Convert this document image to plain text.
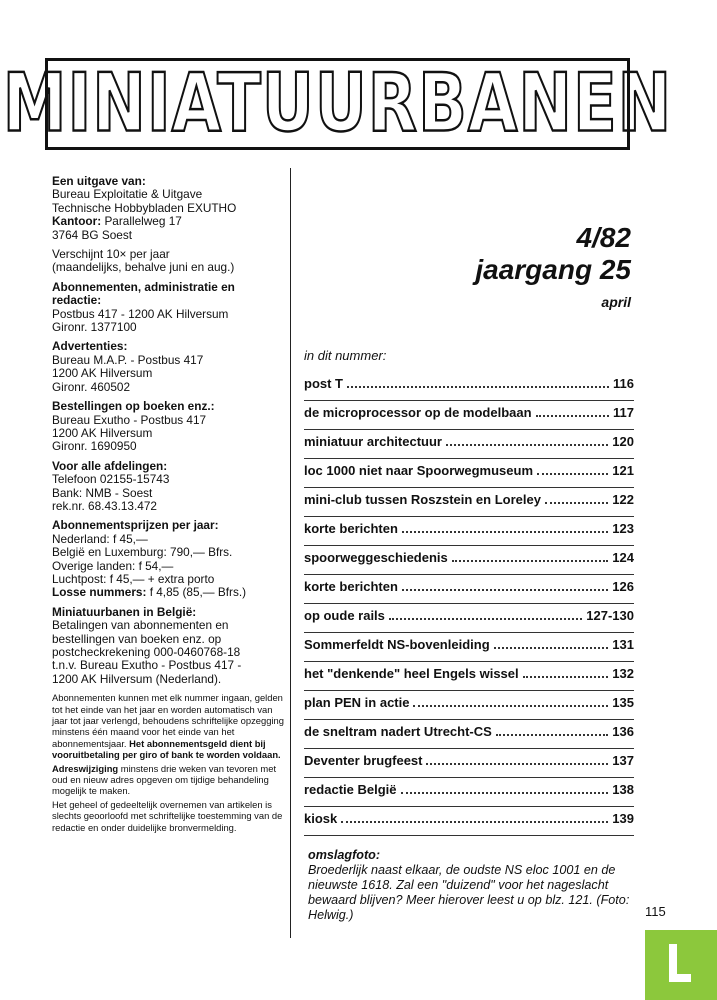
MINIATUURBANEN

Een uitgave van:
Bureau Exploitatie & Uitgave
Technische Hobbybladen EXUTHO
Kantoor: Parallelweg 17
3764 BG Soest

Verschijnt 10× per jaar
(maandelijks, behalve juni en aug.)

Abonnementen, administratie en redactie:
Postbus 417 - 1200 AK Hilversum
Gironr. 1377100

Advertenties:
Bureau M.A.P. - Postbus 417
1200 AK Hilversum
Gironr. 460502

Bestellingen op boeken enz.:
Bureau Exutho - Postbus 417
1200 AK Hilversum
Gironr. 1690950

Voor alle afdelingen:
Telefoon 02155-15743
Bank: NMB - Soest
rek.nr. 68.43.13.472

Abonnementsprijzen per jaar:
Nederland: f 45,—
België en Luxemburg: 790,— Bfrs.
Overige landen: f 54,—
Luchtpost: f 45,— + extra porto
Losse nummers: f 4,85 (85,— Bfrs.)

Miniatuurbanen in België:
Betalingen van abonnementen en
bestellingen van boeken enz. op
postcheckrekening 000-0460768-18
t.n.v. Bureau Exutho - Postbus 417 -
1200 AK Hilversum (Nederland).

Abonnementen kunnen met elk nummer ingaan, gelden tot het einde van het jaar en worden automatisch van jaar tot jaar verlengd, behoudens schriftelijke opzegging minstens één maand voor het einde van het abonnementsjaar. Het abonnementsgeld dient bij vooruitbetaling per giro of bank te worden voldaan.

Adreswijziging minstens drie weken van tevoren met oud en nieuw adres opgeven om tijdige behandeling mogelijk te maken.

Het geheel of gedeeltelijk overnemen van artikelen is slechts geoorloofd met schriftelijke toestemming van de redactie en onder duidelijke bronvermelding.

4/82
jaargang 25
april
in dit nummer:
post T	116
de microprocessor op de modelbaan	117
miniatuur architectuur	120
loc 1000 niet naar Spoorwegmuseum	121
mini-club tussen Roszstein en Loreley	122
korte berichten	123
spoorweggeschiedenis	124
korte berichten	126
op oude rails	127-130
Sommerfeldt NS-bovenleiding	131
het "denkende" heel Engels wissel	132
plan PEN in actie	135
de sneltram nadert Utrecht-CS	136
Deventer brugfeest	137
redactie België	138
kiosk	139
omslagfoto:
Broederlijk naast elkaar, de oudste NS eloc 1001 en de nieuwste 1618. Zal een "duizend" voor het nageslacht bewaard blijven? Meer hierover leest u op blz. 121. (Foto: Helwig.)	115
